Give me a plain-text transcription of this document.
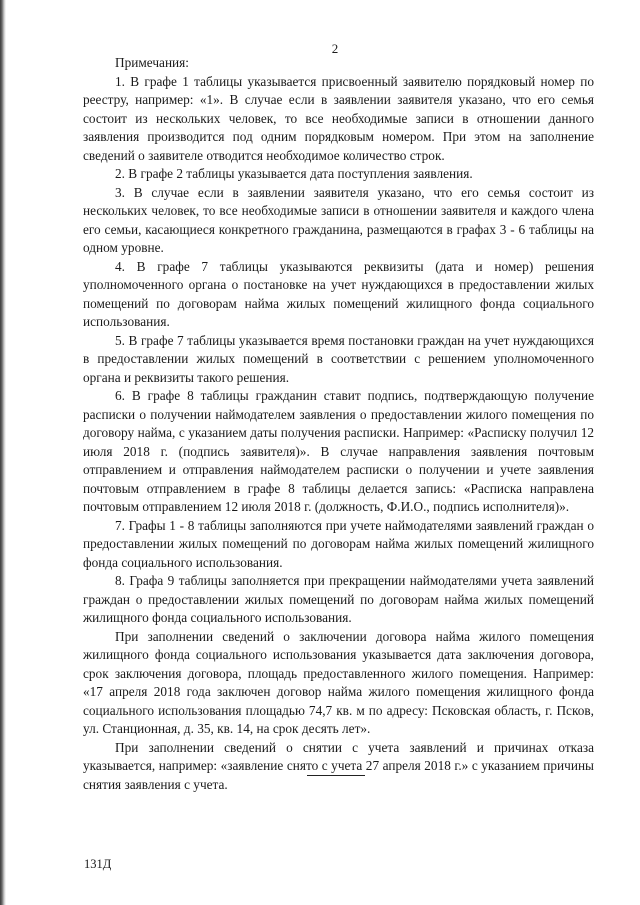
2

Примечания:

1. В графе 1 таблицы указывается присвоенный заявителю порядковый номер по реестру, например: «1». В случае если в заявлении заявителя указано, что его семья состоит из нескольких человек, то все необходимые записи в отношении данного заявления производится под одним порядковым номером. При этом на заполнение сведений о заявителе отводится необходимое количество строк.

2. В графе 2 таблицы указывается дата поступления заявления.

3. В случае если в заявлении заявителя указано, что его семья состоит из нескольких человек, то все необходимые записи в отношении заявителя и каждого члена его семьи, касающиеся конкретного гражданина, размещаются в графах 3 - 6 таблицы на одном уровне.

4. В графе 7 таблицы указываются реквизиты (дата и номер) решения уполномоченного органа о постановке на учет нуждающихся в предоставлении жилых помещений по договорам найма жилых помещений жилищного фонда социального использования.

5. В графе 7 таблицы указывается время постановки граждан на учет нуждающихся в предоставлении жилых помещений в соответствии с решением уполномоченного органа и реквизиты такого решения.

6. В графе 8 таблицы гражданин ставит подпись, подтверждающую получение расписки о получении наймодателем заявления о предоставлении жилого помещения по договору найма, с указанием даты получения расписки. Например: «Расписку получил 12 июля 2018 г. (подпись заявителя)». В случае направления заявления почтовым отправлением и отправления наймодателем расписки о получении и учете заявления почтовым отправлением в графе 8 таблицы делается запись: «Расписка направлена почтовым отправлением 12 июля 2018 г. (должность, Ф.И.О., подпись исполнителя)».

7. Графы 1 - 8 таблицы заполняются при учете наймодателями заявлений граждан о предоставлении жилых помещений по договорам найма жилых помещений жилищного фонда социального использования.

8. Графа 9 таблицы заполняется при прекращении наймодателями учета заявлений граждан о предоставлении жилых помещений по договорам найма жилых помещений жилищного фонда социального использования.

При заполнении сведений о заключении договора найма жилого помещения жилищного фонда социального использования указывается дата заключения договора, срок заключения договора, площадь предоставленного жилого помещения. Например: «17 апреля 2018 года заключен договор найма жилого помещения жилищного фонда социального использования площадью 74,7 кв. м по адресу: Псковская область, г. Псков, ул. Станционная, д. 35, кв. 14, на срок десять лет».

При заполнении сведений о снятии с учета заявлений и причинах отказа указывается, например: «заявление снято с учета 27 апреля 2018 г.» с указанием причины снятия заявления с учета.

131Д
